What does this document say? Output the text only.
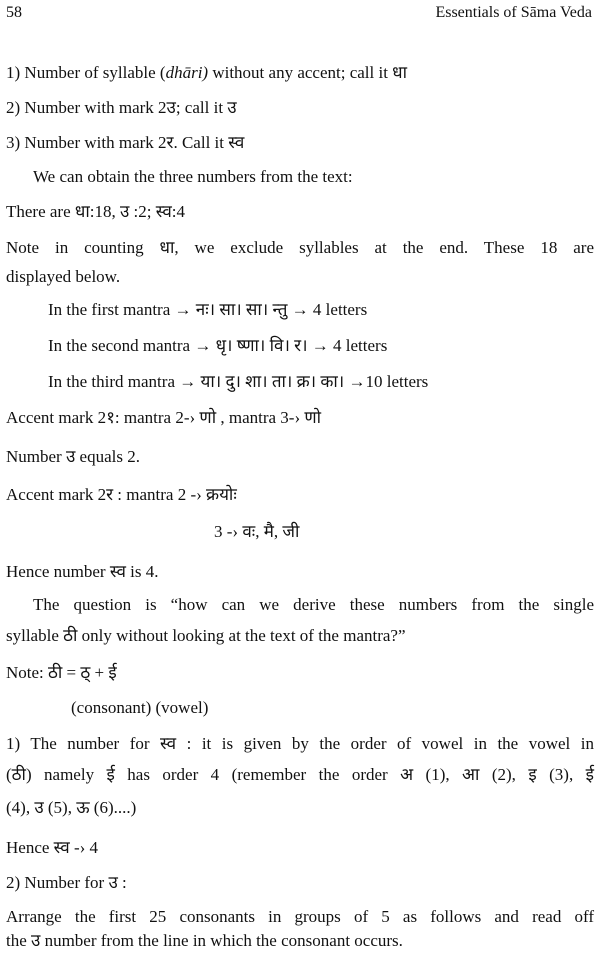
58	Essentials of Sāma Veda
1) Number of syllable (dhāri) without any accent; call it धा
2) Number with mark 2उ; call it उ
3) Number with mark 2र. Call it स्व
We can obtain the three numbers from the text:
There are धा:18, उ :2; स्व:4
Note in counting धा, we exclude syllables at the end. These 18 are
displayed below.
In the first mantra → नः। सा। सा। न्तु → 4 letters
In the second mantra → धृ। ष्णा। वि। र। → 4 letters
In the third mantra → या। दु। शा। ता। क्र। का। →10 letters
Accent mark 2१: mantra 2-› णो , mantra 3-› णो
Number उ equals 2.
Accent mark 2र : mantra 2 -› क्रयोः
3 -› वः, मै, जी
Hence number स्व is 4.
The question is “how can we derive these numbers from the single
syllable ठी only without looking at the text of the mantra?”
Note: ठी = ठ् + ई
(consonant) (vowel)
1) The number for स्व : it is given by the order of vowel in the vowel in
(ठी) namely ई has order 4 (remember the order अ (1), आ (2), इ (3), ई
(4), उ (5), ऊ (6)....)
Hence स्व -› 4
2) Number for उ :
Arrange the first 25 consonants in groups of 5 as follows and read off
the उ number from the line in which the consonant occurs.
